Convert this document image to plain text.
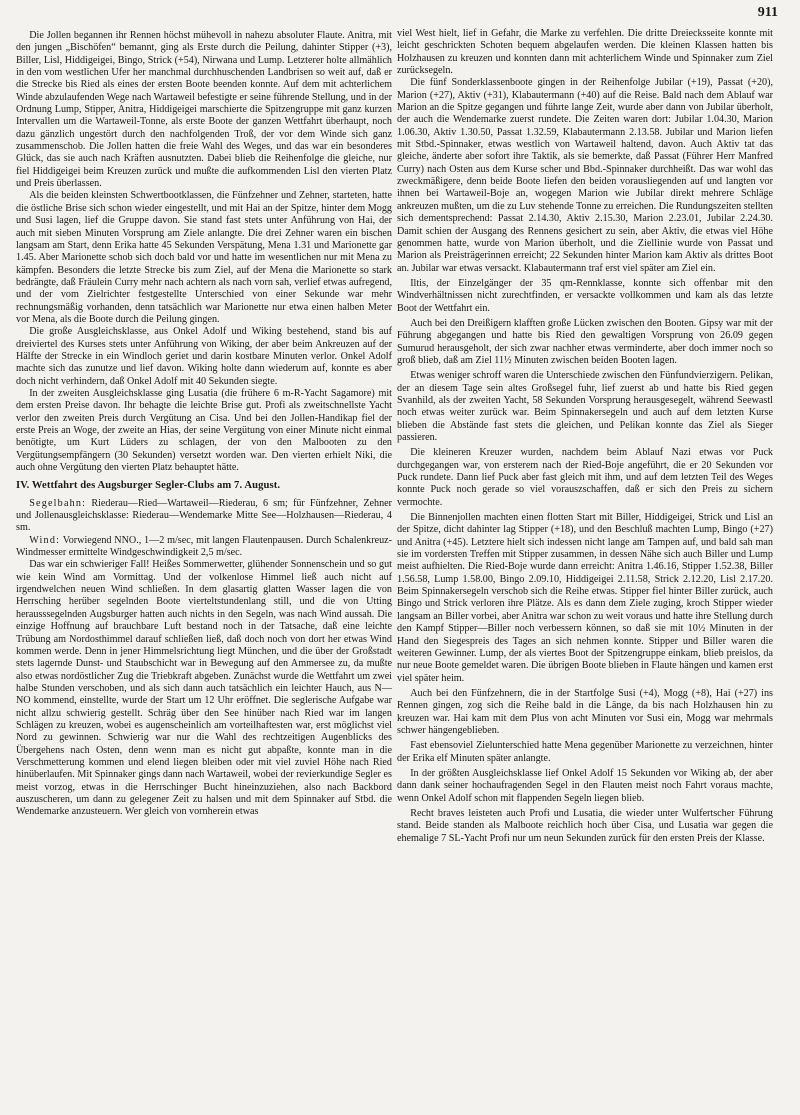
911

Die Jollen begannen ihr Rennen höchst mühevoll in nahezu absoluter Flaute. Anitra, mit den jungen „Bischöfen“ bemannt, ging als Erste durch die Peilung, dahinter Stipper (+3), Biller, Lisl, Hiddigeigei, Bingo, Strick (+54), Nirwana und Lump. Letzterer holte allmählich in den vom westlichen Ufer her manchmal durchhuschenden Landbrisen so weit auf, daß er die Strecke bis Ried als eines der ersten Boote beenden konnte. Auf dem mit achterlichem Winde abzulaufenden Wege nach Wartaweil befestigte er seine führende Stellung, und in der Ordnung Lump, Stipper, Anitra, Hiddigeigei marschierte die Spitzengruppe mit ganz kurzen Intervallen um die Wartaweil-Tonne, als erste Boote der ganzen Wettfahrt überhaupt, noch dazu gänzlich ungestört durch den nachfolgenden Troß, der vor dem Winde sich ganz zusammenschob. Die Jollen hatten die freie Wahl des Weges, und das war ein besonderes Glück, das sie auch nach Kräften ausnutzten. Dabei blieb die Reihenfolge die gleiche, nur fiel Hiddigeigei beim Kreuzen zurück und mußte die aufkommenden Lisl den vierten Platz und Preis überlassen.

Als die beiden kleinsten Schwertbootklassen, die Fünfzehner und Zehner, starteten, hatte die östliche Brise sich schon wieder eingestellt, und mit Hai an der Spitze, hinter dem Mogg und Susi lagen, lief die Gruppe davon. Sie stand fast stets unter Anführung von Hai, der auch mit sieben Minuten Vorsprung am Ziele anlangte. Die drei Zehner waren ein bischen langsam am Start, denn Erika hatte 45 Sekunden Verspätung, Mena 1.31 und Marionette gar 1.45. Aber Marionette schob sich doch bald vor und hatte im wesentlichen nur mit Mena zu kämpfen. Besonders die letzte Strecke bis zum Ziel, auf der Mena die Marionette so stark bedrängte, daß Fräulein Curry mehr nach achtern als nach vorn sah, verlief etwas aufregend, und der vom Zielrichter festgestellte Unterschied von einer Sekunde war mehr rechnungsmäßig vorhanden, denn tatsächlich war Marionette nur etwa einen halben Meter vor Mena, als die Boote durch die Peilung gingen.

Die große Ausgleichsklasse, aus Onkel Adolf und Wiking bestehend, stand bis auf dreiviertel des Kurses stets unter Anführung von Wiking, der aber beim Ankreuzen auf der Hälfte der Strecke in ein Windloch geriet und darin kostbare Minuten verlor. Onkel Adolf machte sich das zunutze und lief davon. Wiking holte dann wiederum auf, konnte es aber doch nicht verhindern, daß Onkel Adolf mit 40 Sekunden siegte.

In der zweiten Ausgleichsklasse ging Lusatia (die frühere 6 m-R-Yacht Sagamore) mit dem ersten Preise davon. Ihr behagte die leichte Brise gut. Profi als zweitschnellste Yacht verlor den zweiten Preis durch Vergütung an Cisa. Und bei den Jollen-Handikap fiel der erste Preis an Woge, der zweite an Hias, der seine Vergütung von einer Minute nicht einmal benötigte, um Kurt Lüders zu schlagen, der von den Malbooten zu den Vergütungsempfängern (30 Sekunden) versetzt worden war. Den vierten erhielt Niki, die auch ohne Vergütung den vierten Platz behauptet hätte.

IV. Wettfahrt des Augsburger Segler-Clubs am 7. August.

Segelbahn: Riederau—Ried—Wartaweil—Riederau, 6 sm; für Fünfzehner, Zehner und Jollenausgleichsklasse: Riederau—Wendemarke Mitte See—Holzhausen—Riederau, 4 sm.

Wind: Vorwiegend NNO., 1—2 m/sec, mit langen Flautenpausen. Durch Schalenkreuz-Windmesser ermittelte Windgeschwindigkeit 2,5 m/sec.

Das war ein schwieriger Fall! Heißes Sommerwetter, glühender Sonnenschein und so gut wie kein Wind am Vormittag. Und der volkenlose Himmel ließ auch nicht auf irgendwelchen neuen Wind schließen. In dem glasartig glatten Wasser lagen die von Herrsching herüber segelnden Boote vierteltstundenlang still, und die von Utting herausssegelnden Augsburger hatten auch nichts in den Segeln, was nach Wind aussah. Die einzige Hoffnung auf brauchbare Luft bestand noch in der Tatsache, daß eine leichte Trübung am Nordosthimmel darauf schließen ließ, daß doch noch von dort her etwas Wind kommen werde. Denn in jener Himmelsrichtung liegt München, und die über der Großstadt stets lagernde Dunst- und Staubschicht war in Bewegung auf den Ammersee zu, da mußte also etwas nordöstlicher Zug die Triebkraft abgeben. Zunächst wurde die Wettfahrt um zwei halbe Stunden verschoben, und als sich dann auch tatsächlich ein leichter Hauch, aus N—NO kommend, einstellte, wurde der Start um 12 Uhr eröffnet. Die seglerische Aufgabe war nicht allzu schwierig gestellt. Schräg über den See hinüber nach Ried war im langen Schlägen zu kreuzen, wobei es augenscheinlich am vorteilhaftesten war, erst möglichst viel Nord zu gewinnen. Schwierig war nur die Wahl des rechtzeitigen Augenblicks des Übergehens nach Osten, denn wenn man es nicht gut abpaßte, konnte man in die Verschmetterung kommen und elend liegen bleiben oder mit viel zuviel Höhe nach Ried hinüberlaufen. Mit Spinnaker gings dann nach Wartaweil, wobei der revierkundige Segler es meist vorzog, etwas in die Herrschinger Bucht hineinzuziehen, also nach Backbord auszuscheren, um dann zu gelegener Zeit zu halsen und mit dem Spinnaker auf Stbd. die Wendemarke anzusteuern. Wer gleich von vornherein etwas

viel West hielt, lief in Gefahr, die Marke zu verfehlen. Die dritte Dreiecksseite konnte mit leicht geschrickten Schoten bequem abgelaufen werden. Die kleinen Klassen hatten bis Holzhausen zu kreuzen und konnten dann mit achterlichem Winde und Spinnaker zum Ziel zurücksegeln.

Die fünf Sonderklassenboote gingen in der Reihenfolge Jubilar (+19), Passat (+20), Marion (+27), Aktiv (+31), Klabautermann (+40) auf die Reise. Bald nach dem Ablauf war Marion an die Spitze gegangen und führte lange Zeit, wurde aber dann von Jubilar überholt, der auch die Wendemarke zuerst rundete. Die Zeiten waren dort: Jubilar 1.04.30, Marion 1.06.30, Aktiv 1.30.50, Passat 1.32.59, Klabautermann 2.13.58. Jubilar und Marion liefen mit Stbd.-Spinnaker, etwas westlich von Wartaweil haltend, davon. Auch Aktiv tat das gleiche, änderte aber sofort ihre Taktik, als sie bemerkte, daß Passat (Führer Herr Manfred Curry) nach Osten aus dem Kurse scher und Bbd.-Spinnaker durchheißt. Das war wohl das zweckmäßigere, denn beide Boote liefen den beiden vorausliegenden auf und langten vor ihnen bei Wartaweil-Boje an, wogegen Marion wie Jubilar direkt mehrere Schläge ankreuzen mußten, um die zu Luv stehende Tonne zu erreichen. Die Rundungszeiten stellten sich dementsprechend: Passat 2.14.30, Aktiv 2.15.30, Marion 2.23.01, Jubilar 2.24.30. Damit schien der Ausgang des Rennens gesichert zu sein, aber Aktiv, die etwas viel Höhe genommen hatte, wurde von Marion überholt, und die Ziellinie wurde von Passat und Marion als Preisträgerinnen erreicht; 22 Sekunden hinter Marion kam Aktiv als drittes Boot an. Jubilar war etwas versackt. Klabautermann traf erst viel später am Ziel ein.

Iltis, der Einzelgänger der 35 qm-Rennklasse, konnte sich offenbar mit den Windverhältnissen nicht zurechtfinden, er versackte vollkommen und kam als das letzte Boot der Wettfahrt ein.

Auch bei den Dreißigern klafften große Lücken zwischen den Booten. Gipsy war mit der Führung abgegangen und hatte bis Ried den gewaltigen Vorsprung von 26.09 gegen Sumurud herausgeholt, der sich zwar nachher etwas verminderte, aber doch immer noch so groß blieb, daß am Ziel 11½ Minuten zwischen beiden Booten lagen.

Etwas weniger schroff waren die Unterschiede zwischen den Fünfundvierzigern. Pelikan, der an diesem Tage sein altes Großsegel fuhr, lief zuerst ab und hatte bis Ried gegen Svanhild, als der zweiten Yacht, 58 Sekunden Vorsprung herausgesegelt, während Seewastl noch etwas weiter zurück war. Beim Spinnakersegeln und auch auf dem letzten Kurse blieben die Abstände fast stets die gleichen, und Pelikan konnte das Ziel als Sieger passieren.

Die kleineren Kreuzer wurden, nachdem beim Ablauf Nazi etwas vor Puck durchgegangen war, von ersterem nach der Ried-Boje angeführt, die er 20 Sekunden vor Puck rundete. Dann lief Puck aber fast gleich mit ihm, und auf dem letzten Teil des Weges konnte Puck noch gerade so viel vorauszschaffen, daß er sich den Preis zu sichern vermochte.

Die Binnenjollen machten einen flotten Start mit Biller, Hiddigeigei, Strick und Lisl an der Spitze, dicht dahinter lag Stipper (+18), und den Beschluß machten Lump, Bingo (+27) und Anitra (+45). Letztere hielt sich indessen nicht lange am Tampen auf, und bald sah man sie im vordersten Treffen mit Stipper zusammen, in dessen Nähe sich auch Biller und Lump meist aufhielten. Die Ried-Boje wurde dann erreicht: Anitra 1.46.16, Stipper 1.52.38, Biller 1.56.58, Lump 1.58.00, Bingo 2.09.10, Hiddigeigei 2.11.58, Strick 2.12.20, Lisl 2.17.20. Beim Spinnakersegeln verschob sich die Reihe etwas. Stipper fiel hinter Biller zurück, auch Bingo und Strick verloren ihre Plätze. Als es dann dem Ziele zuging, kroch Stipper wieder langsam an Biller vorbei, aber Anitra war schon zu weit voraus und hatte ihre Stellung durch den Kampf Stipper—Biller noch verbessern können, so daß sie mit 10½ Minuten in der Hand den Siegespreis des Tages an sich nehmen konnte. Stipper und Biller waren die weiteren Gewinner. Lump, der als viertes Boot der Spitzengruppe einkam, blieb preislos, da nur neue Boote gemeldet waren. Die übrigen Boote blieben in Flaute hängen und kamen erst viel später heim.

Auch bei den Fünfzehnern, die in der Startfolge Susi (+4), Mogg (+8), Hai (+27) ins Rennen gingen, zog sich die Reihe bald in die Länge, da bis nach Holzhausen hin zu kreuzen war. Hai kam mit dem Plus von acht Minuten vor Susi ein, Mogg war mehrmals schwer hängengeblieben.

Fast ebensoviel Zielunterschied hatte Mena gegenüber Marionette zu verzeichnen, hinter der Erika elf Minuten später anlangte.

In der größten Ausgleichsklasse lief Onkel Adolf 15 Sekunden vor Wiking ab, der aber dann dank seiner hochaufragenden Segel in den Flauten meist noch Fahrt voraus machte, wenn Onkel Adolf schon mit flappenden Segeln liegen blieb.

Recht braves leisteten auch Profi und Lusatia, die wieder unter Wulfertscher Führung stand. Beide standen als Malboote reichlich hoch über Cisa, und Lusatia war gegen die ehemalige 7 SL-Yacht Profi nur um neun Sekunden zurück für den ersten Preis der Klasse.
